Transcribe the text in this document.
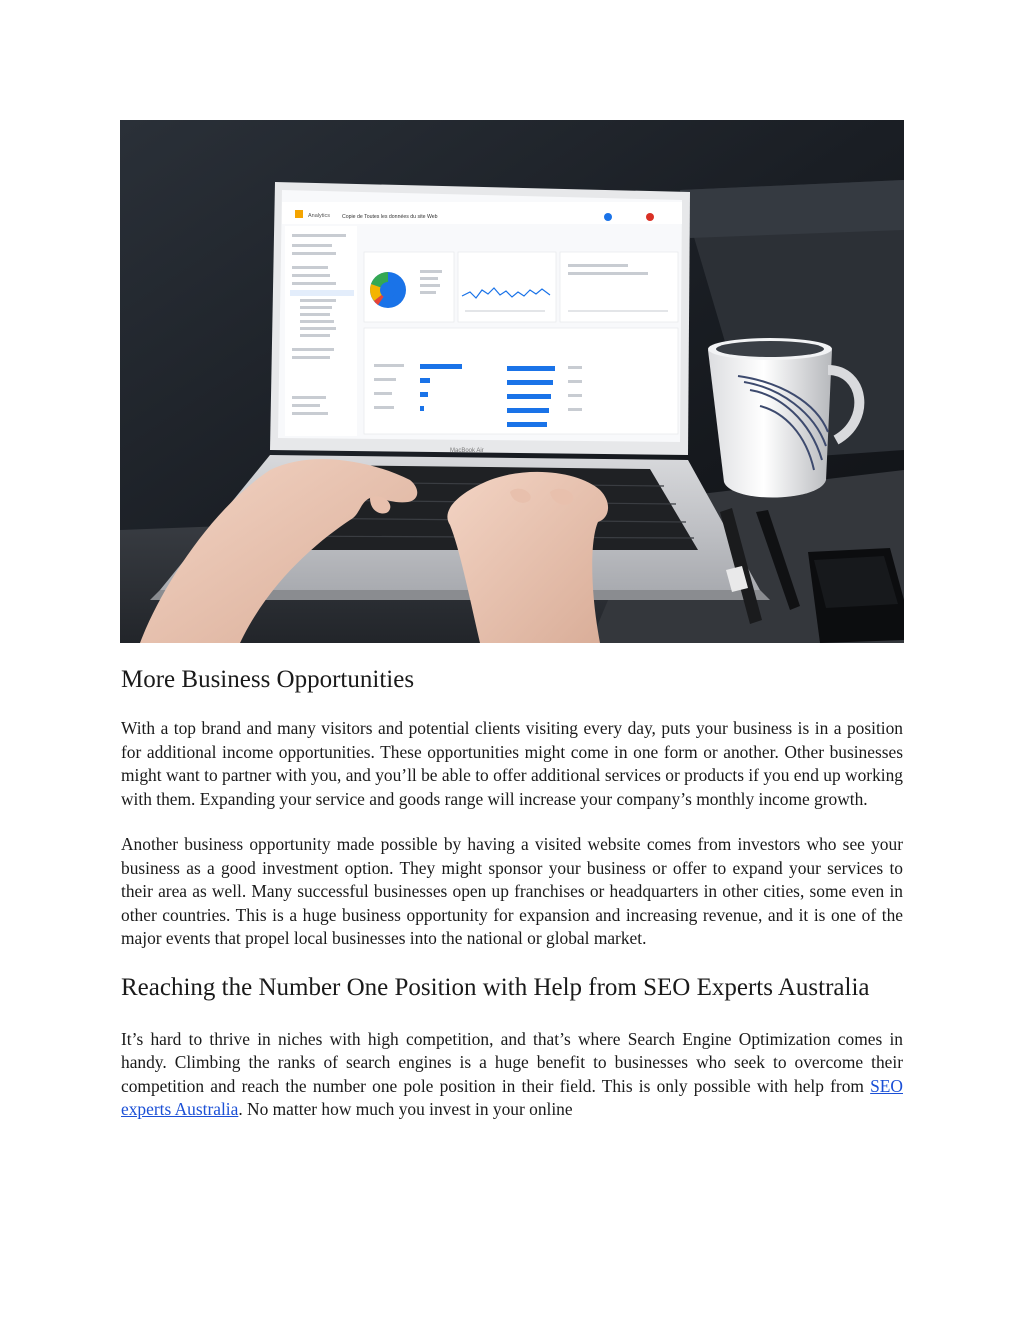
Analytics Copie de Toutes les données du site Web
MacBook Air
More Business Opportunities

With a top brand and many visitors and potential clients visiting every day, puts your business is in a position for additional income opportunities. These opportunities might come in one form or another. Other businesses might want to partner with you, and you’ll be able to offer additional services or products if you end up working with them. Expanding your service and goods range will increase your company’s monthly income growth.

Another business opportunity made possible by having a visited website comes from investors who see your business as a good investment option. They might sponsor your business or offer to expand your services to their area as well. Many successful businesses open up franchises or headquarters in other cities, some even in other countries. This is a huge business opportunity for expansion and increasing revenue, and it is one of the major events that propel local businesses into the national or global market.

Reaching the Number One Position with Help from SEO Experts Australia

It’s hard to thrive in niches with high competition, and that’s where Search Engine Optimization comes in handy. Climbing the ranks of search engines is a huge benefit to businesses who seek to overcome their competition and reach the number one pole position in their field. This is only possible with help from SEO experts Australia. No matter how much you invest in your online
